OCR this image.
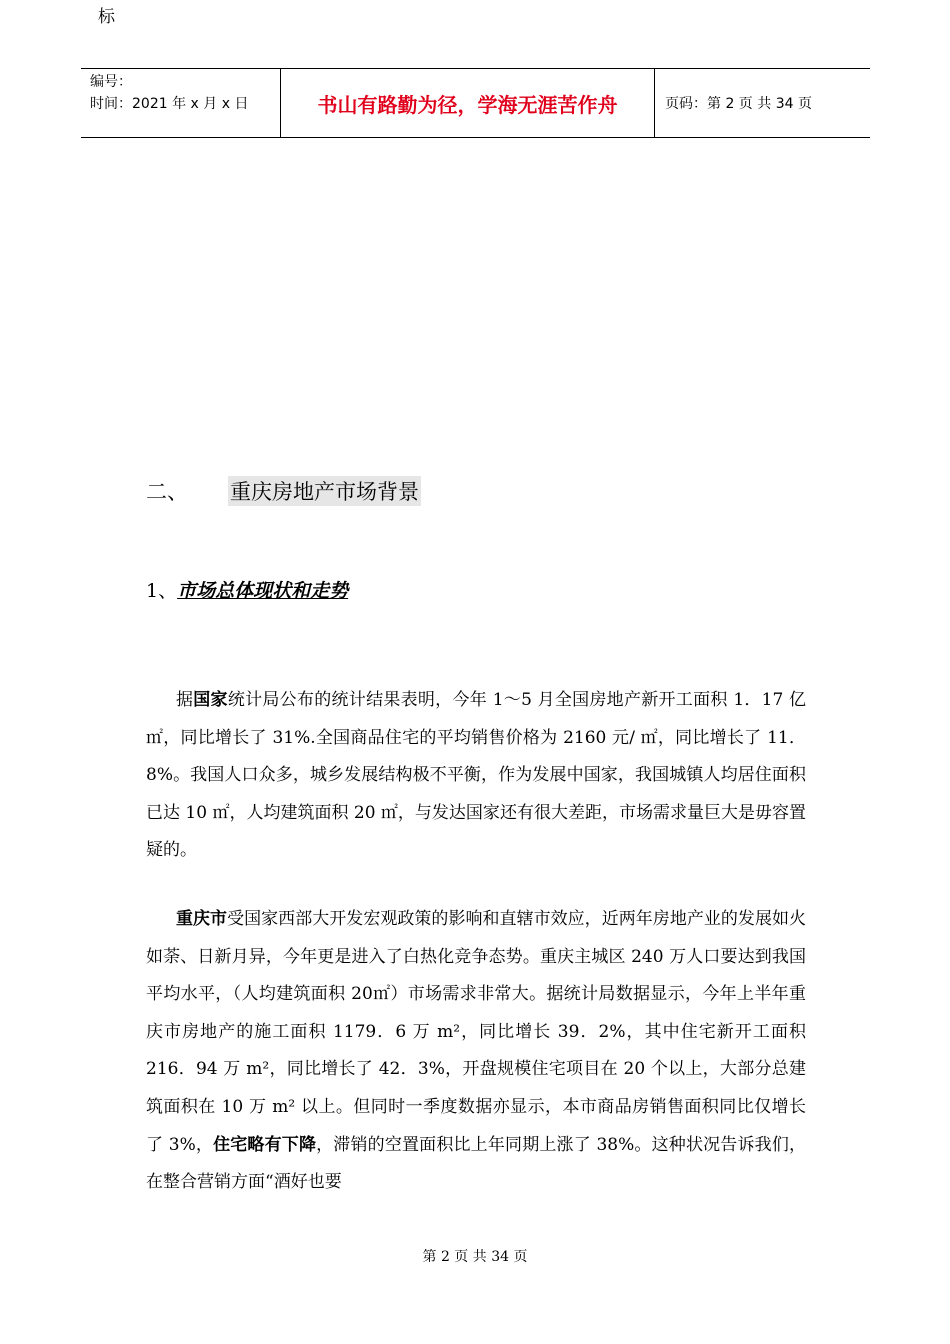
标
编号：
时间：2021 年 x 月 x 日	书山有路勤为径，学海无涯苦作舟	页码：第 2 页 共 34 页
二、	重庆房地产市场背景
1、 市场总体现状和走势

据国家统计局公布的统计结果表明，今年 1～5 月全国房地产新开工面积 1．17 亿㎡，同比增长了 31%.全国商品住宅的平均销售价格为 2160 元/ ㎡，同比增长了 11．8%。我国人口众多，城乡发展结构极不平衡，作为发展中国家，我国城镇人均居住面积已达 10 ㎡，人均建筑面积 20 ㎡，与发达国家还有很大差距，市场需求量巨大是毋容置疑的。

重庆市受国家西部大开发宏观政策的影响和直辖市效应，近两年房地产业的发展如火如荼、日新月异，今年更是进入了白热化竞争态势。重庆主城区 240 万人口要达到我国平均水平，（人均建筑面积 20㎡）市场需求非常大。据统计局数据显示，今年上半年重庆市房地产的施工面积 1179．6 万 m²，同比增长 39．2%，其中住宅新开工面积 216．94 万 m²，同比增长了 42．3%，开盘规模住宅项目在 20 个以上，大部分总建筑面积在 10 万 m² 以上。但同时一季度数据亦显示，本市商品房销售面积同比仅增长了 3%，住宅略有下降，滞销的空置面积比上年同期上涨了 38%。这种状况告诉我们，在整合营销方面“酒好也要

第 2 页 共 34 页
